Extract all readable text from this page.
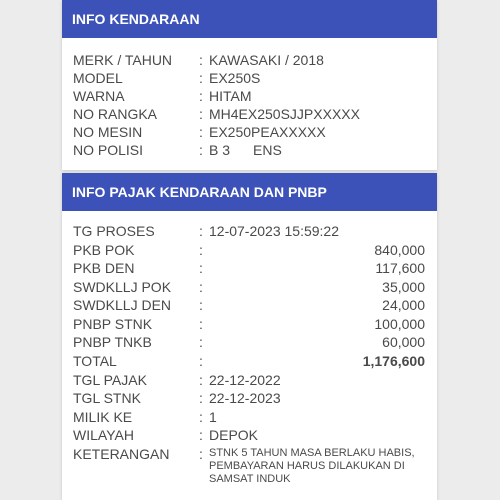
INFO KENDARAAN
MERK / TAHUN : KAWASAKI / 2018
MODEL	: EX250S
WARNA	: HITAM
NO RANGKA	: MH4EX250SJJPXXXXX
NO MESIN	: EX250PEAXXXXX
NO POLISI	: B 3 ENS
INFO PAJAK KENDARAAN DAN PNBP
TG PROSES	: 12-07-2023 15:59:22
PKB POK	:	840,000
PKB DEN	:	117,600
SWDKLLJ POK :	35,000
SWDKLLJ DEN :	24,000
PNBP STNK	:	100,000
PNBP TNKB	:	60,000
TOTAL	:	1,176,600
TGL PAJAK	: 22-12-2022
TGL STNK	: 22-12-2023
MILIK KE	: 1
WILAYAH	: DEPOK
KETERANGAN : STNK 5 TAHUN MASA BERLAKU HABIS,
PEMBAYARAN HARUS DILAKUKAN DI
SAMSAT INDUK
